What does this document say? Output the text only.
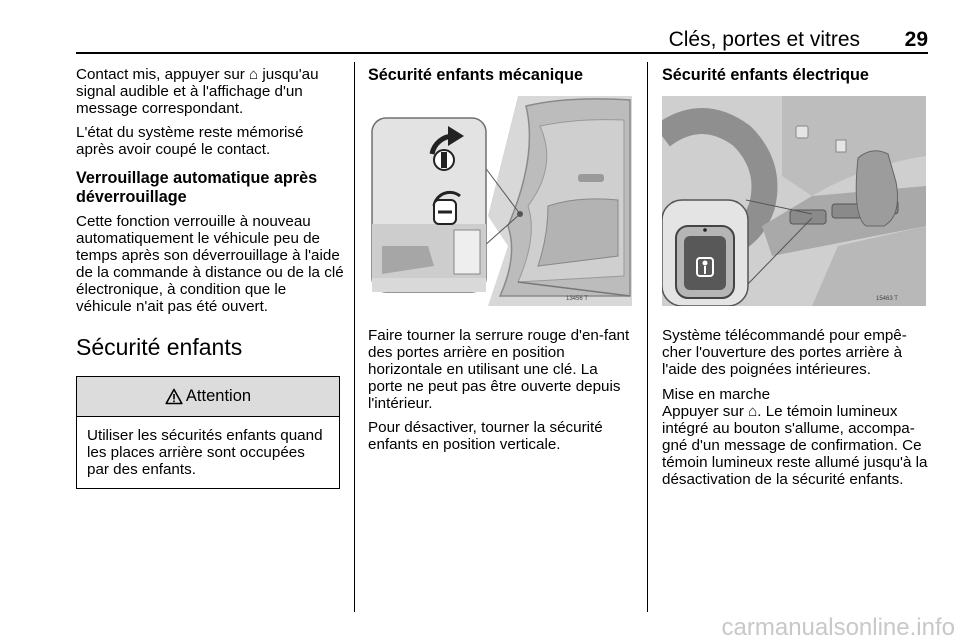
Clés, portes et vitres	29

Contact mis, appuyer sur ⌂ jusqu'au signal audible et à l'affichage d'un message correspondant.

L'état du système reste mémorisé après avoir coupé le contact.

Verrouillage automatique après déverrouillage

Cette fonction verrouille à nouveau automatiquement le véhicule peu de temps après son déverrouillage à l'aide de la commande à distance ou de la clé électronique, à condition que le véhicule n'ait pas été ouvert.

Sécurité enfants
Attention

Utiliser les sécurités enfants quand les places arrière sont occupées par des enfants.

Sécurité enfants mécanique

Faire tourner la serrure rouge d'en-fant des portes arrière en position horizontale en utilisant une clé. La porte ne peut pas être ouverte depuis l'intérieur.

Pour désactiver, tourner la sécurité enfants en position verticale.

13456 T
Sécurité enfants électrique

Système télécommandé pour empê-cher l'ouverture des portes arrière à l'aide des poignées intérieures.

Mise en marche

Appuyer sur ⌂. Le témoin lumineux intégré au bouton s'allume, accompa-gné d'un message de confirmation. Ce témoin lumineux reste allumé jusqu'à la désactivation de la sécurité enfants.

15463 T
carmanualsonline.info
